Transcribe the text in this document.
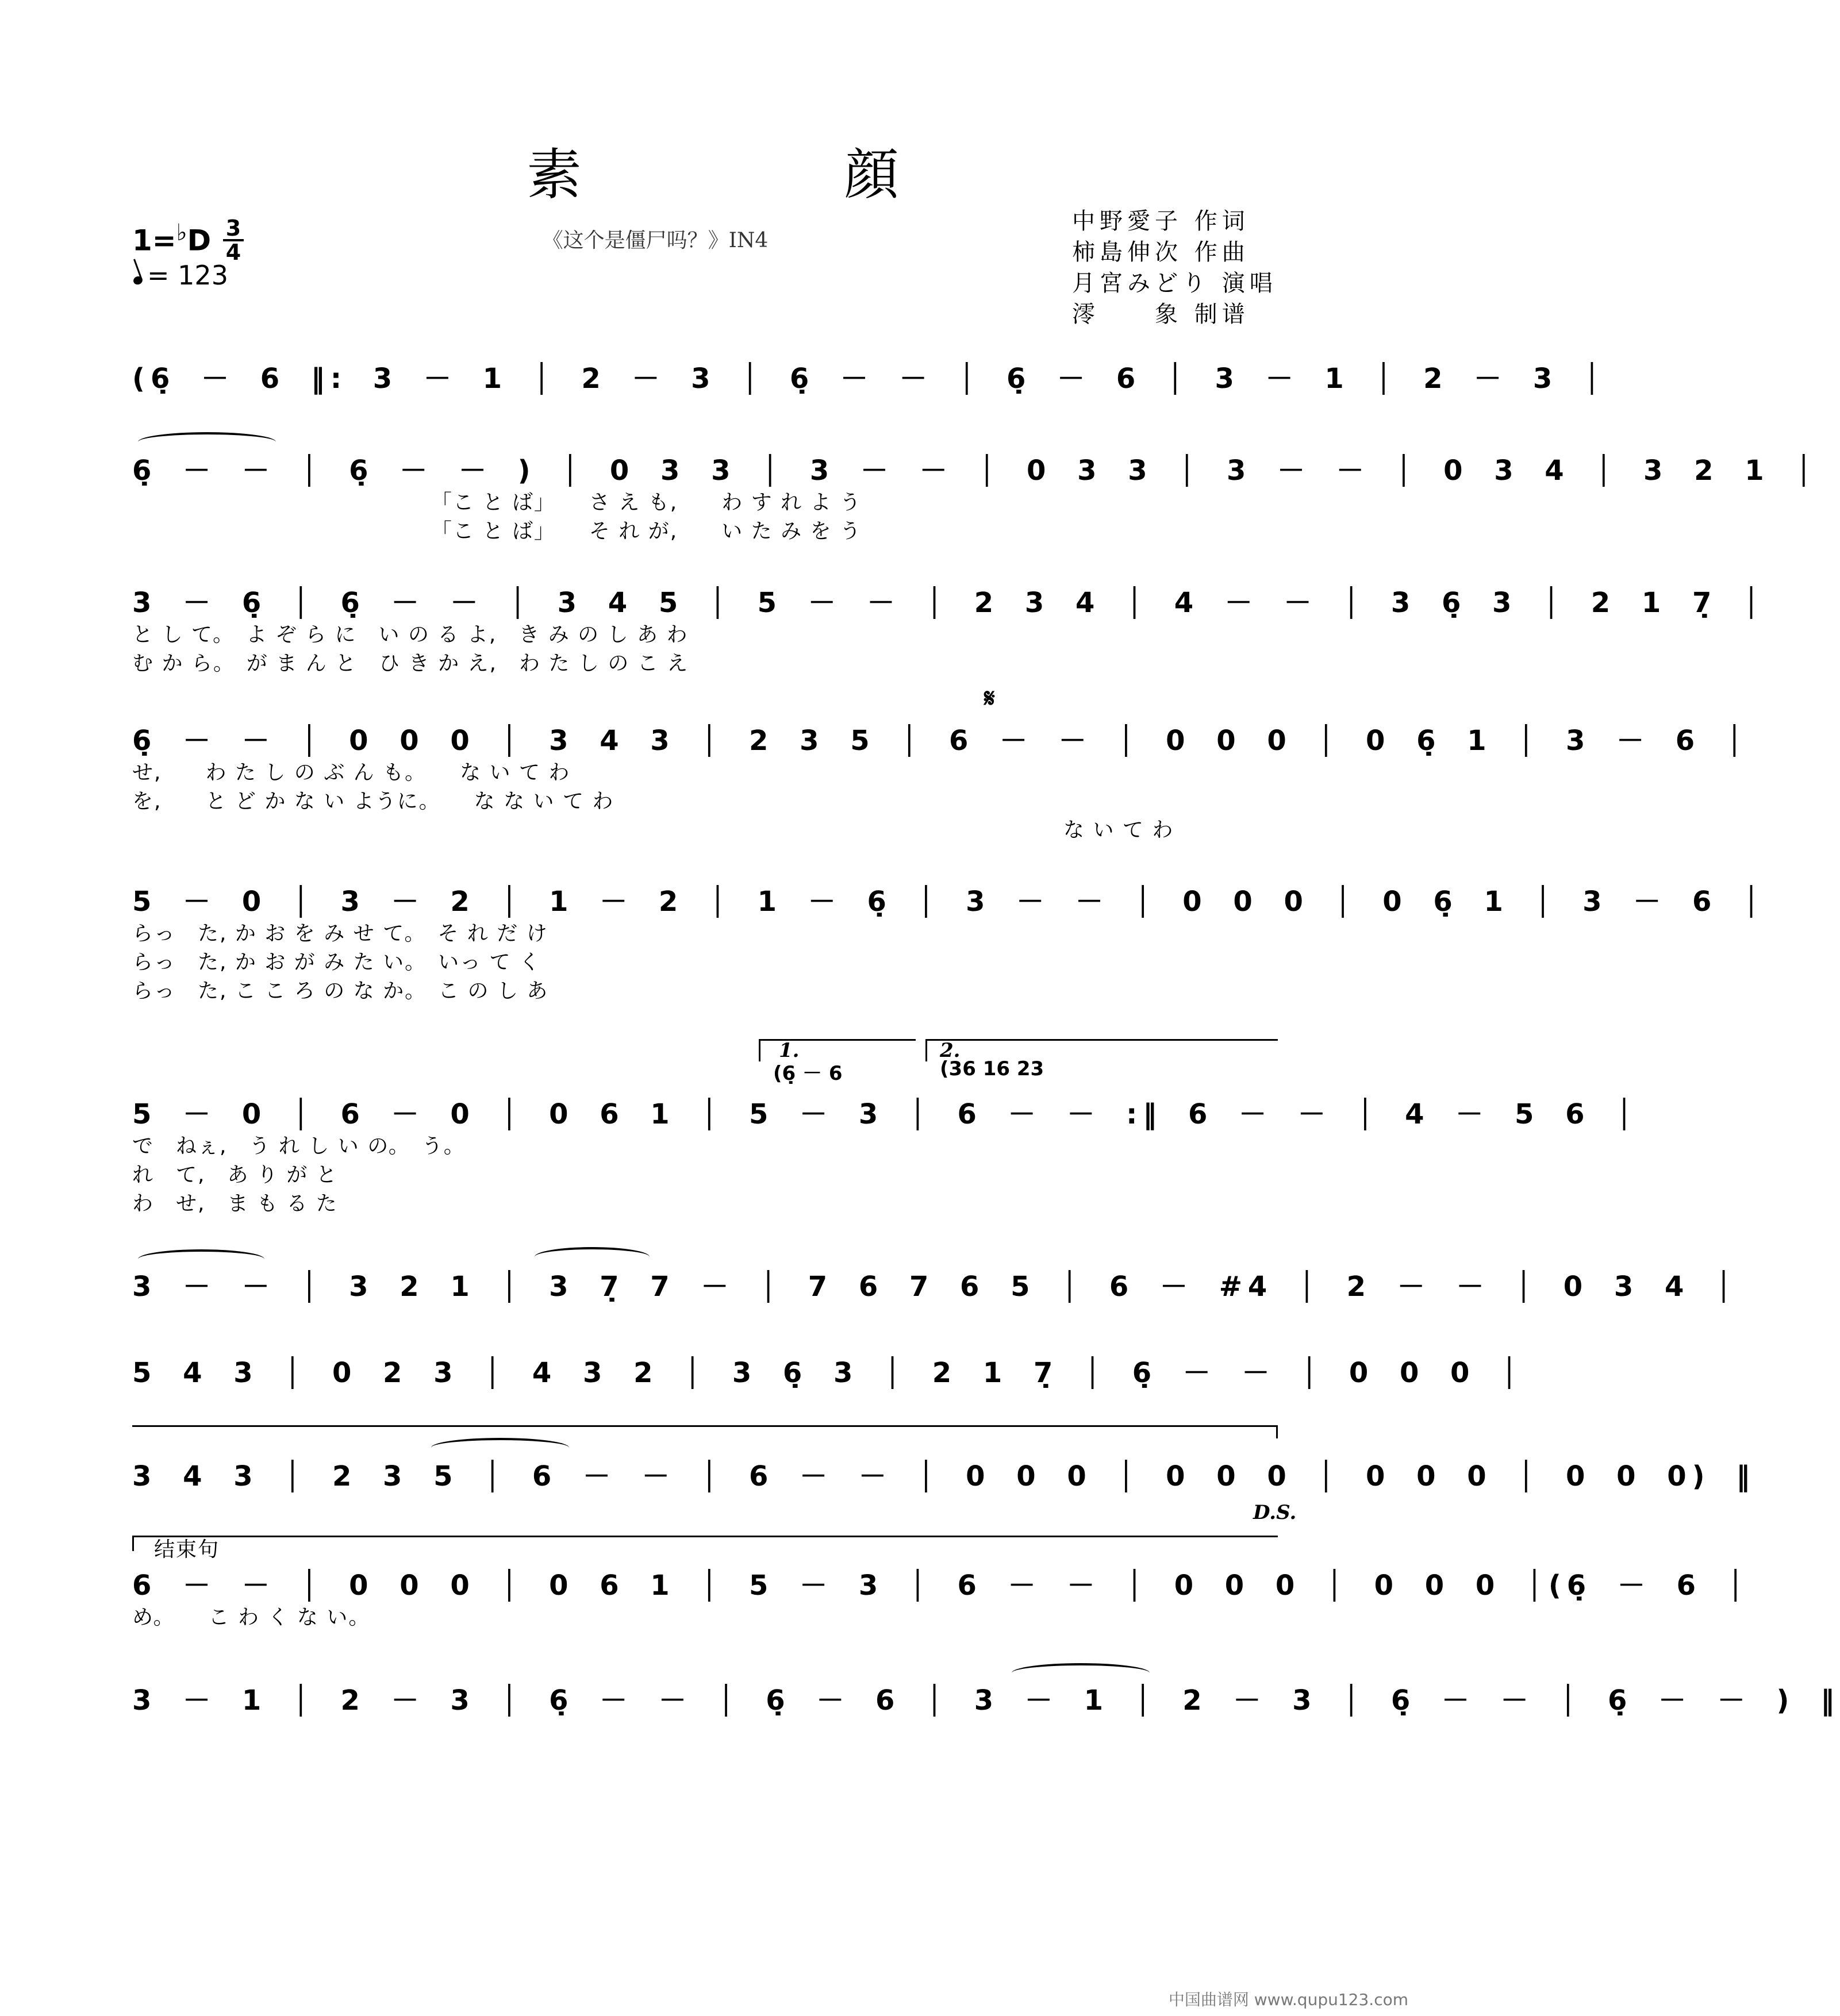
素　顔
$1=^♭D \frac{3}{4}$
= 123
《这个是僵尸吗？》IN4
中野愛子 作词
柿島伸次 作曲
月宮みどり 演唱
澪　　象 制谱
(6̣ － 6 ‖: 3 － 1 │ 2 － 3 │ 6̣ － － │ 6̣ － 6 │ 3 － 1 │ 2 － 3 │
6̣ － － │ 6̣ － － ) │ 0 3 3 │ 3 － － │ 0 3 3 │ 3 － － │ 0 3 4 │ 3 2 1 │
「こ と ば」　　さ え も,　　わ す れ よ う
「こ と ば」　　そ れ が,　　い た み を う
3 － 6̣ │ 6̣ － － │ 3 4 5 │ 5 － － │ 2 3 4 │ 4 － － │ 3 6̣ 3 │ 2 1 7̣ │
と し て。　よ ぞ ら に　い の る よ,　き み の し あ わ
む か ら。　が ま ん と　ひ き か え,　わ た し の こ え
𝄋
6̣ － － │ 0 0 0 │ 3 4 3 │ 2 3 5 │ 6 － － │ 0 0 0 │ 0 6̣ 1 │ 3 － 6 │
せ,　　わ た し の ぶ ん も。　　な い て わ
を,　　と ど か な い ように。　　な な い て わ
な い て わ
5 － 0 │ 3 － 2 │ 1 － 2 │ 1 － 6̣ │ 3 － － │ 0 0 0 │ 0 6̣ 1 │ 3 － 6 │
らっ　た, か お を み せ て。　そ れ だ け
らっ　た, か お が み た い。　いっ て く
らっ　た, こ こ ろ の な か。　こ の し あ
1.
(6̣ － 6
2.
(36 16 23
5 － 0 │ 6 － 0 │ 0 6 1 │ 5 － 3 │ 6 － － :‖ 6 － － │ 4 － 5 6 │
で　ねぇ,　う れ し い の。　う。
れ　て,　あ り が と
わ　せ,　ま も る た
3 － － │ 3 2 1 │ 3 7̣ 7 － │ 7 6 7 6 5 │ 6 － #4 │ 2 － － │ 0 3 4 │
5 4 3 │ 0 2 3 │ 4 3 2 │ 3 6̣ 3 │ 2 1 7̣ │ 6̣ － － │ 0 0 0 │
3 4 3 │ 2 3 5 │ 6 － － │ 6 － － │ 0 0 0 │ 0 0 0 │ 0 0 0 │ 0 0 0) ‖
D.S.
结束句
6 － － │ 0 0 0 │ 0 6 1 │ 5 － 3 │ 6 － － │ 0 0 0 │ 0 0 0 │(6̣ － 6 │
め。　　こ わ く な い。
3 － 1 │ 2 － 3 │ 6̣ － － │ 6̣ － 6 │ 3 － 1 │ 2 － 3 │ 6̣ － － │ 6̣ － － ) ‖
中国曲谱网 www.qupu123.com
